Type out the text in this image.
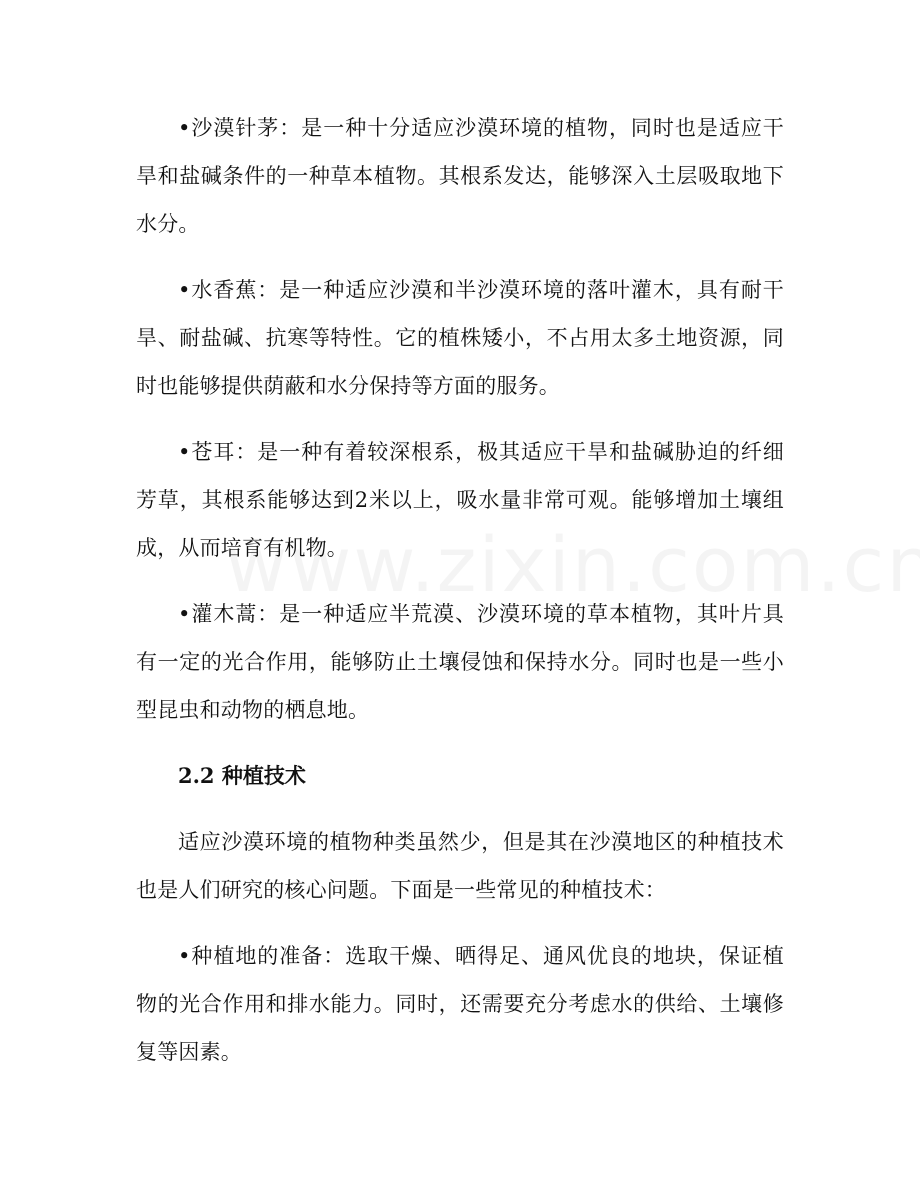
•沙漠针茅：是一种十分适应沙漠环境的植物，同时也是适应干旱和盐碱条件的一种草本植物。其根系发达，能够深入土层吸取地下水分。

•水香蕉：是一种适应沙漠和半沙漠环境的落叶灌木，具有耐干旱、耐盐碱、抗寒等特性。它的植株矮小，不占用太多土地资源，同时也能够提供荫蔽和水分保持等方面的服务。

•苍耳：是一种有着较深根系，极其适应干旱和盐碱胁迫的纤细芳草，其根系能够达到2米以上，吸水量非常可观。能够增加土壤组成，从而培育有机物。

•灌木蒿：是一种适应半荒漠、沙漠环境的草本植物，其叶片具有一定的光合作用，能够防止土壤侵蚀和保持水分。同时也是一些小型昆虫和动物的栖息地。

2.2 种植技术

适应沙漠环境的植物种类虽然少，但是其在沙漠地区的种植技术也是人们研究的核心问题。下面是一些常见的种植技术：

•种植地的准备：选取干燥、晒得足、通风优良的地块，保证植物的光合作用和排水能力。同时，还需要充分考虑水的供给、土壤修复等因素。
